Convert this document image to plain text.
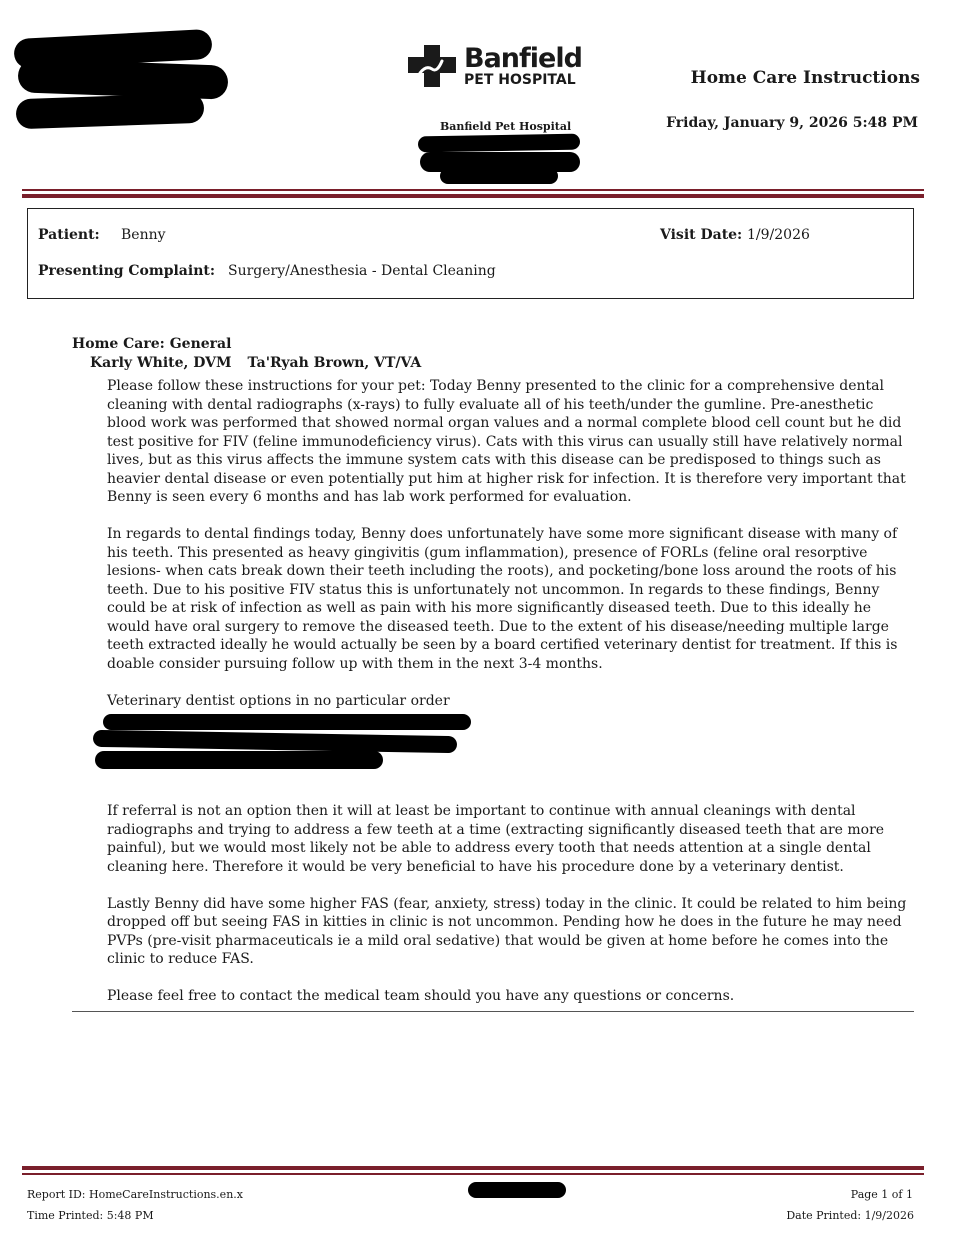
Banfield
PET HOSPITAL
Banfield Pet Hospital
Home Care Instructions
Friday, January 9, 2026 5:48 PM
Patient: Benny	Visit Date: 1/9/2026
Presenting Complaint: Surgery/Anesthesia - Dental Cleaning
Home Care: General
Karly White, DVM Ta'Ryah Brown, VT/VA

Please follow these instructions for your pet: Today Benny presented to the clinic for a comprehensive dental cleaning with dental radiographs (x-rays) to fully evaluate all of his teeth/under the gumline. Pre-anesthetic blood work was performed that showed normal organ values and a normal complete blood cell count but he did test positive for FIV (feline immunodeficiency virus). Cats with this virus can usually still have relatively normal lives, but as this virus affects the immune system cats with this disease can be predisposed to things such as heavier dental disease or even potentially put him at higher risk for infection. It is therefore very important that Benny is seen every 6 months and has lab work performed for evaluation.

In regards to dental findings today, Benny does unfortunately have some more significant disease with many of his teeth. This presented as heavy gingivitis (gum inflammation), presence of FORLs (feline oral resorptive lesions- when cats break down their teeth including the roots), and pocketing/bone loss around the roots of his teeth. Due to his positive FIV status this is unfortunately not uncommon. In regards to these findings, Benny could be at risk of infection as well as pain with his more significantly diseased teeth. Due to this ideally he would have oral surgery to remove the diseased teeth. Due to the extent of his disease/needing multiple large teeth extracted ideally he would actually be seen by a board certified veterinary dentist for treatment. If this is doable consider pursuing follow up with them in the next 3-4 months.

Veterinary dentist options in no particular order

If referral is not an option then it will at least be important to continue with annual cleanings with dental radiographs and trying to address a few teeth at a time (extracting significantly diseased teeth that are more painful), but we would most likely not be able to address every tooth that needs attention at a single dental cleaning here. Therefore it would be very beneficial to have his procedure done by a veterinary dentist.

Lastly Benny did have some higher FAS (fear, anxiety, stress) today in the clinic. It could be related to him being dropped off but seeing FAS in kitties in clinic is not uncommon. Pending how he does in the future he may need PVPs (pre-visit pharmaceuticals ie a mild oral sedative) that would be given at home before he comes into the clinic to reduce FAS.

Please feel free to contact the medical team should you have any questions or concerns.

Report ID: HomeCareInstructions.en.x
Time Printed: 5:48 PM
Page 1 of 1
Date Printed: 1/9/2026
